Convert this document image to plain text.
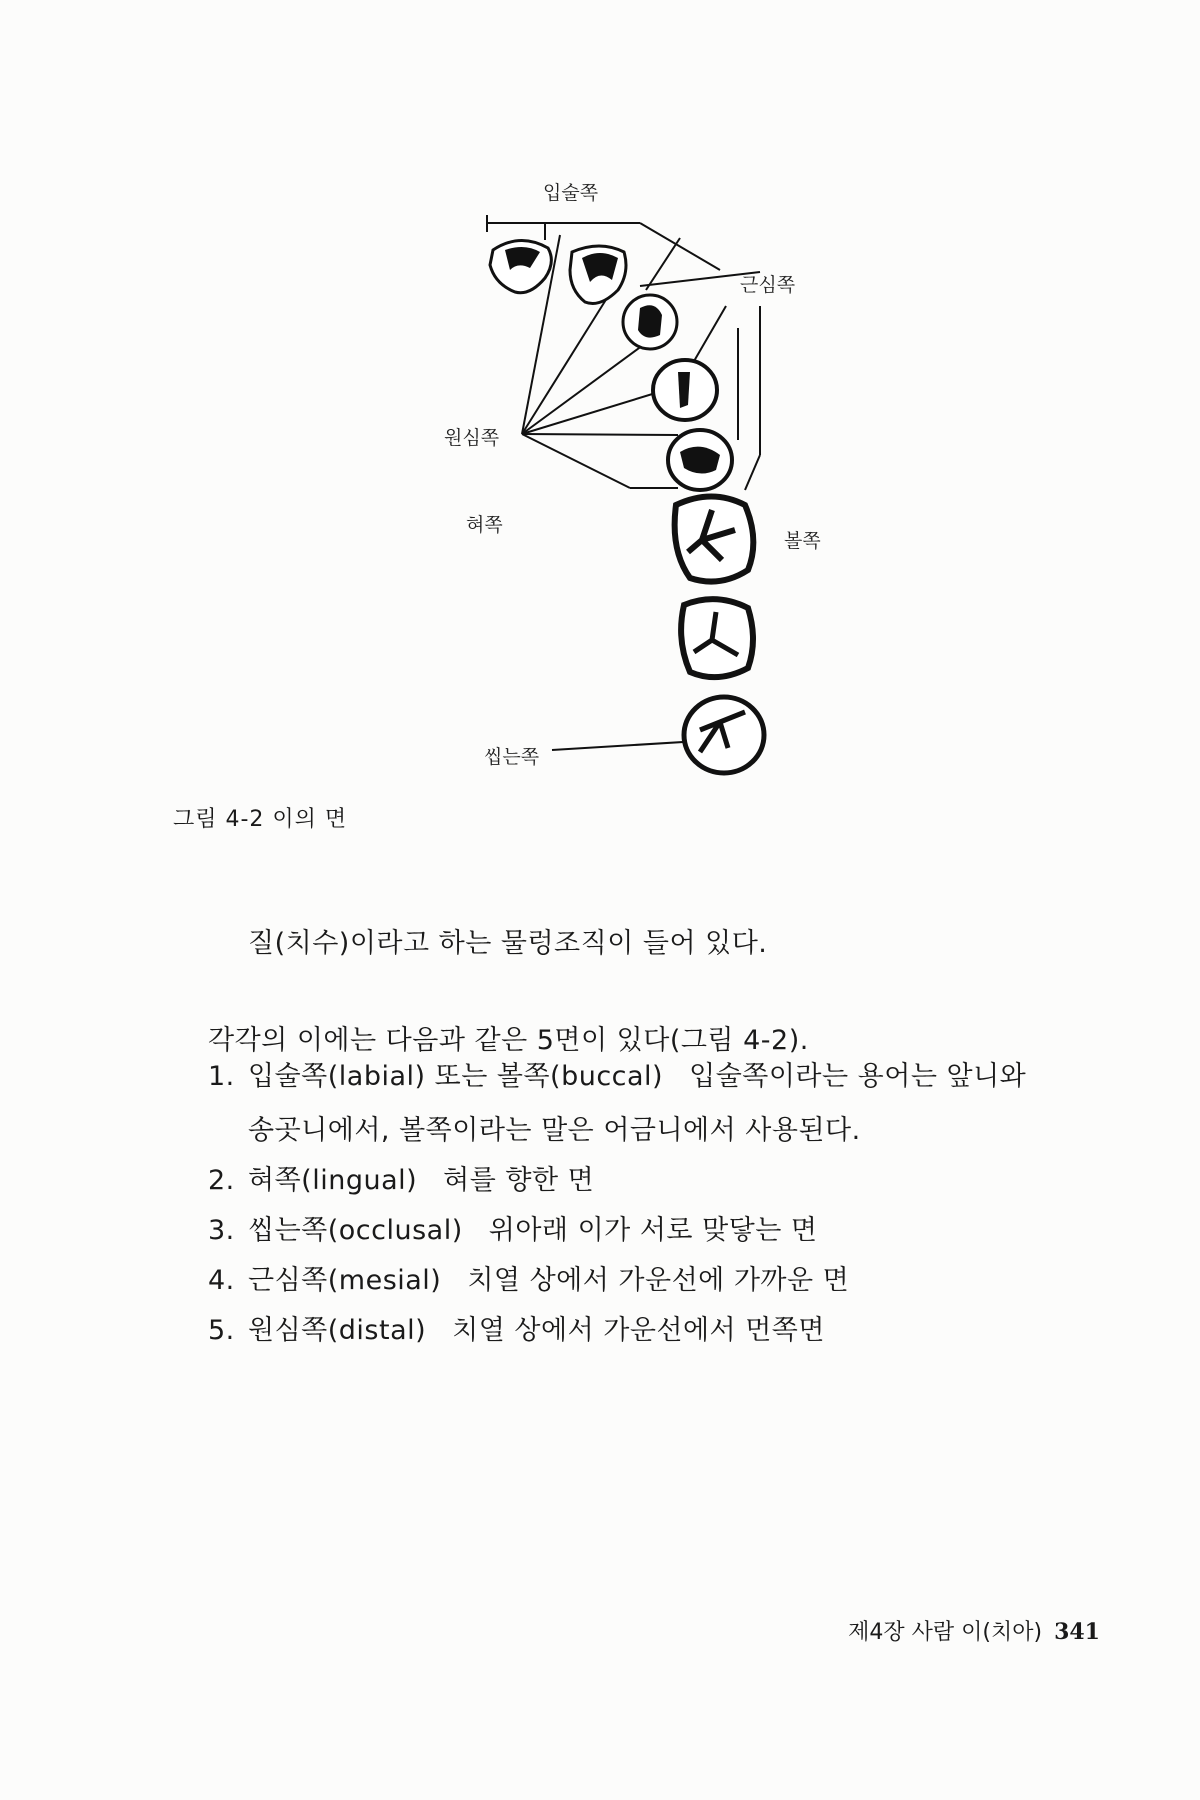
입술쪽
근심쪽
원심쪽
혀쪽
볼쪽
씹는쪽
그림 4-2 이의 면
질(치수)이라고 하는 물렁조직이 들어 있다.
각각의 이에는 다음과 같은 5면이 있다(그림 4-2).
1. 입술쪽(labial) 또는 볼쪽(buccal) 입술쪽이라는 용어는 앞니와
2. 혀쪽(lingual) 혀를 향한 면
3. 씹는쪽(occlusal) 위아래 이가 서로 맞닿는 면
4. 근심쪽(mesial) 치열 상에서 가운선에 가까운 면
5. 원심쪽(distal) 치열 상에서 가운선에서 먼쪽면
송곳니에서, 볼쪽이라는 말은 어금니에서 사용된다.
제4장 사람 이(치아) 341
